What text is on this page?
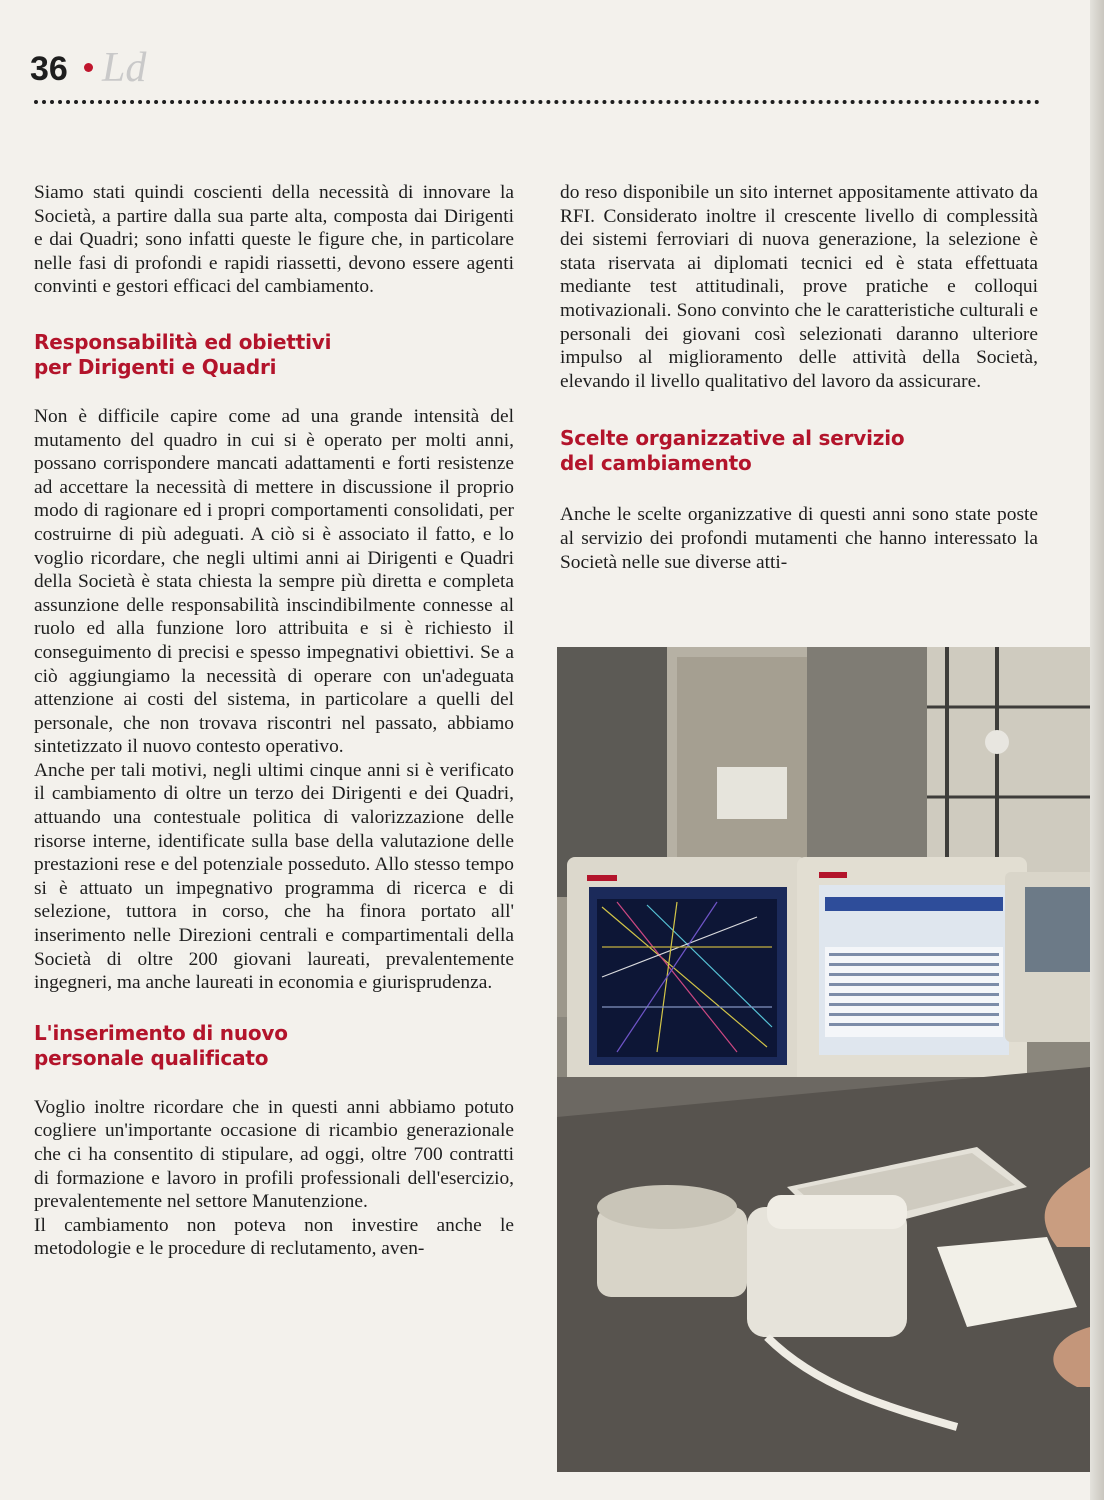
36 Ld

Siamo stati quindi coscienti della necessità di innovare la Società, a partire dalla sua parte alta, composta dai Dirigenti e dai Quadri; sono infatti queste le figure che, in particolare nelle fasi di profondi e rapidi riassetti, devono essere agenti convinti e gestori efficaci del cambiamento.

Responsabilità ed obiettivi
per Dirigenti e Quadri

Non è difficile capire come ad una grande intensità del mutamento del quadro in cui si è operato per molti anni, possano corrispondere mancati adattamenti e forti resistenze ad accettare la necessità di mettere in discussione il proprio modo di ragionare ed i propri comportamenti consolidati, per costruirne di più adeguati. A ciò si è associato il fatto, e lo voglio ricordare, che negli ultimi anni ai Dirigenti e Quadri della Società è stata chiesta la sempre più diretta e completa assunzione delle responsabilità inscindibilmente connesse al ruolo ed alla funzione loro attribuita e si è richiesto il conseguimento di precisi e spesso impegnativi obiettivi. Se a ciò aggiungiamo la necessità di operare con un'adeguata attenzione ai costi del sistema, in particolare a quelli del personale, che non trovava riscontri nel passato, abbiamo sintetizzato il nuovo contesto operativo.

Anche per tali motivi, negli ultimi cinque anni si è verificato il cambiamento di oltre un terzo dei Dirigenti e dei Quadri, attuando una contestuale politica di valorizzazione delle risorse interne, identificate sulla base della valutazione delle prestazioni rese e del potenziale posseduto. Allo stesso tempo si è attuato un impegnativo programma di ricerca e di selezione, tuttora in corso, che ha finora portato all' inserimento nelle Direzioni centrali e compartimentali della Società di oltre 200 giovani laureati, prevalentemente ingegneri, ma anche laureati in economia e giurisprudenza.

L'inserimento di nuovo
personale qualificato

Voglio inoltre ricordare che in questi anni abbiamo potuto cogliere un'importante occasione di ricambio generazionale che ci ha consentito di stipulare, ad oggi, oltre 700 contratti di formazione e lavoro in profili professionali dell'esercizio, prevalentemente nel settore Manutenzione.

Il cambiamento non poteva non investire anche le metodologie e le procedure di reclutamento, aven-

do reso disponibile un sito internet appositamente attivato da RFI. Considerato inoltre il crescente livello di complessità dei sistemi ferroviari di nuova generazione, la selezione è stata riservata ai diplomati tecnici ed è stata effettuata mediante test attitudinali, prove pratiche e colloqui motivazionali. Sono convinto che le caratteristiche culturali e personali dei giovani così selezionati daranno ulteriore impulso al miglioramento delle attività della Società, elevando il livello qualitativo del lavoro da assicurare.

Scelte organizzative al servizio
del cambiamento

Anche le scelte organizzative di questi anni sono state poste al servizio dei profondi mutamenti che hanno interessato la Società nelle sue diverse atti-
